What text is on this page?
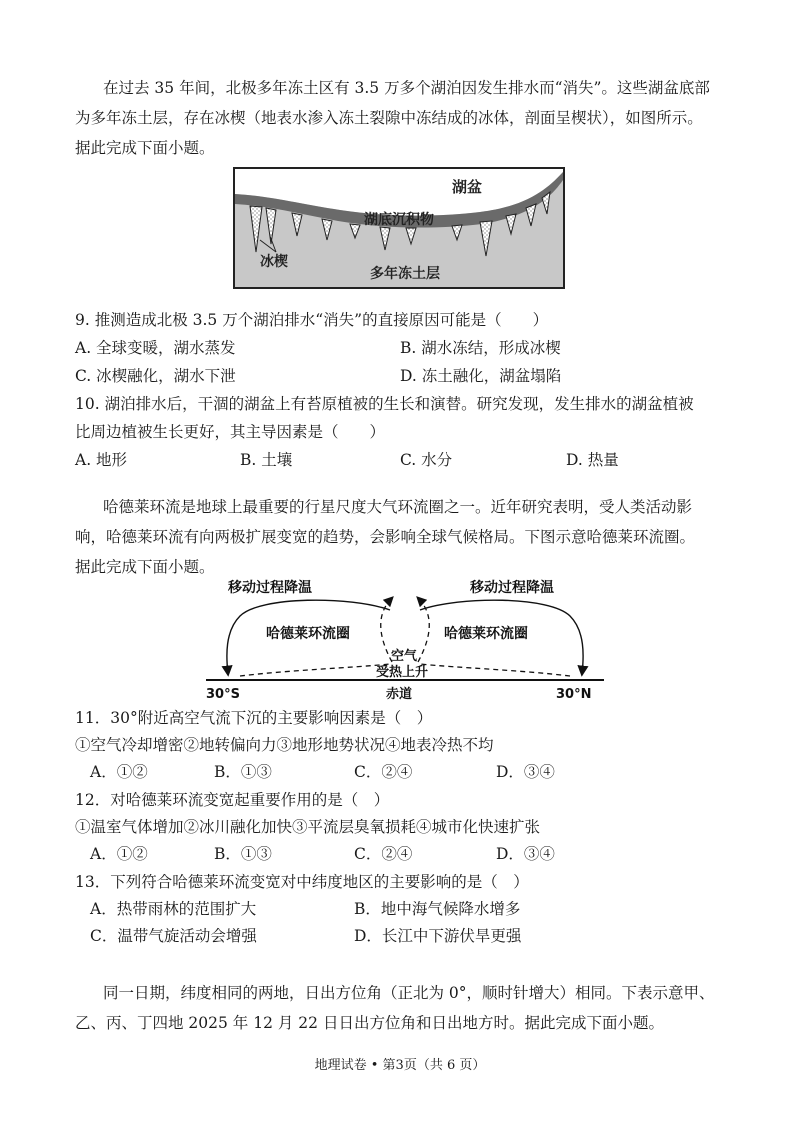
在过去 35 年间，北极多年冻土区有 3.5 万多个湖泊因发生排水而“消失”。这些湖盆底部
为多年冻土层，存在冰楔（地表水渗入冻土裂隙中冻结成的冰体，剖面呈楔状），如图所示。
据此完成下面小题。
湖盆
湖底沉积物
冰楔
多年冻土层
9. 推测造成北极 3.5 万个湖泊排水“消失”的直接原因可能是（　　）
A. 全球变暖，湖水蒸发	B. 湖水冻结，形成冰楔
C. 冰楔融化，湖水下泄	D. 冻土融化，湖盆塌陷
10. 湖泊排水后，干涸的湖盆上有苔原植被的生长和演替。研究发现，发生排水的湖盆植被
比周边植被生长更好，其主导因素是（　　）
A. 地形	B. 土壤	C. 水分	D. 热量
哈德莱环流是地球上最重要的行星尺度大气环流圈之一。近年研究表明，受人类活动影
响，哈德莱环流有向两极扩展变宽的趋势，会影响全球气候格局。下图示意哈德莱环流圈。
据此完成下面小题。
移动过程降温	移动过程降温
哈德莱环流圈	哈德莱环流圈
空气
受热上升
30°S	赤道	30°N
11．30°附近高空气流下沉的主要影响因素是（　）
①空气冷却增密②地转偏向力③地形地势状况④地表冷热不均
A．①②	B．①③	C．②④	D．③④
12．对哈德莱环流变宽起重要作用的是（　）
①温室气体增加②冰川融化加快③平流层臭氧损耗④城市化快速扩张
A．①②	B．①③	C．②④	D．③④
13．下列符合哈德莱环流变宽对中纬度地区的主要影响的是（　）
A．热带雨林的范围扩大	B．地中海气候降水增多
C．温带气旋活动会增强	D．长江中下游伏旱更强
同一日期，纬度相同的两地，日出方位角（正北为 0°，顺时针增大）相同。下表示意甲、
乙、丙、丁四地 2025 年 12 月 22 日日出方位角和日出地方时。据此完成下面小题。
地理试卷 • 第3页（共 6 页）
